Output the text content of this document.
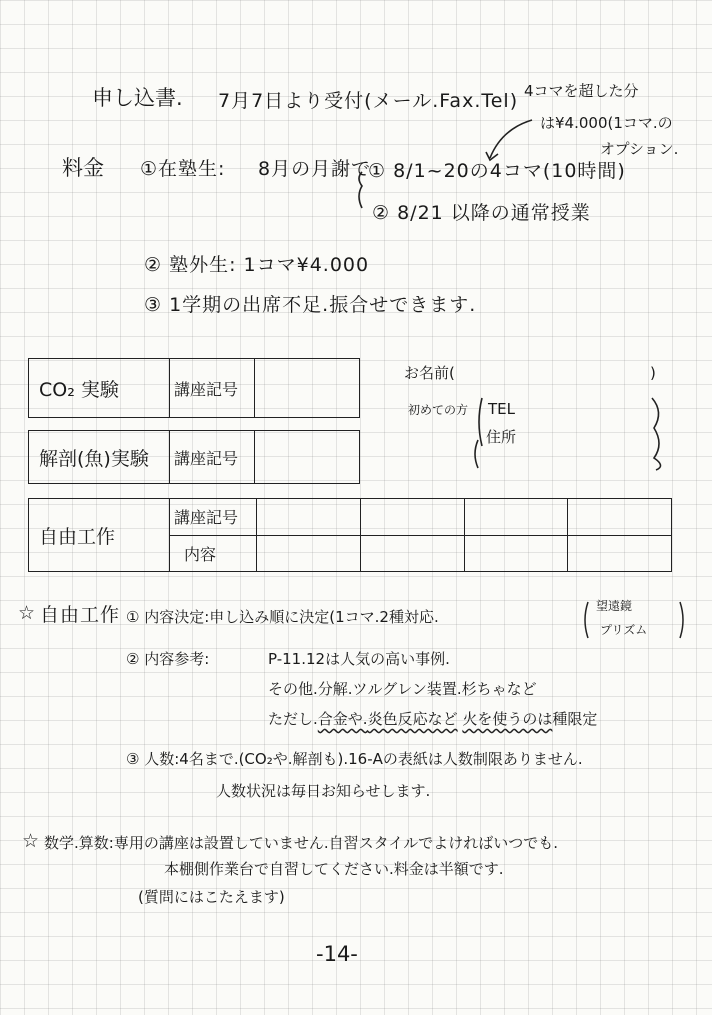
申し込書. 7月7日より受付(メール.Fax.Tel) 4コマを超した分
は¥4.000(1コマ.の
オプション.
料金 ①在塾生: 8月の月謝で
① 8/1~20の4コマ(10時間)
② 8/21 以降の通常授業
② 塾外生: 1コマ¥4.000
③ 1学期の出席不足.振合せできます.
CO₂ 実験	講座記号	
解剖(魚)実験	講座記号	
自由工作	講座記号				
	内容				
お名前(	)
初めての方 TEL
住所
☆ 自由工作 ① 内容決定:申し込み順に決定(1コマ.2種対応.
望遠鏡
プリズム
② 内容参考:	P-11.12は人気の高い事例.
その他.分解.ツルグレン装置.杉ちゃなど
ただし.合金や.炎色反応など 火を使うのは種限定
③ 人数:4名まで.(CO₂や.解剖も).16-Aの表紙は人数制限ありません.
人数状況は毎日お知らせします.
☆ 数学.算数:専用の講座は設置していません.自習スタイルでよければいつでも.
本棚側作業台で自習してください.料金は半額です.
(質問にはこたえます)
-14-
